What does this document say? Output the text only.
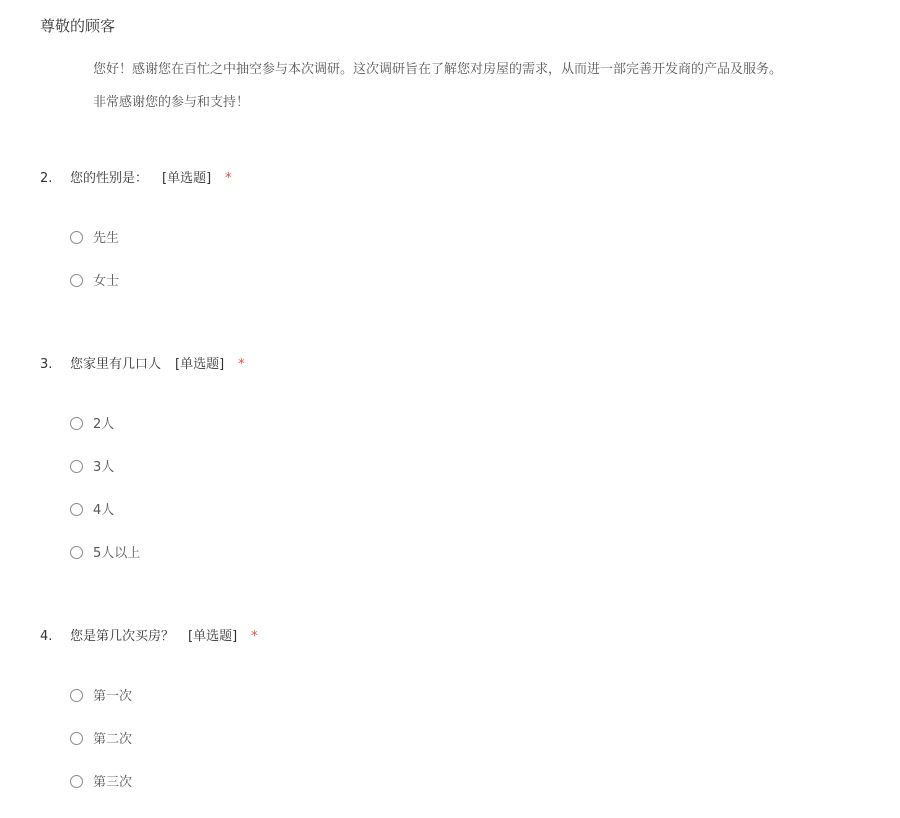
尊敬的顾客
您好！感谢您在百忙之中抽空参与本次调研。这次调研旨在了解您对房屋的需求，从而进一部完善开发商的产品及服务。
非常感谢您的参与和支持！
2. 您的性别是： [单选题] *
先生
女士
3. 您家里有几口人 [单选题] *
2人
3人
4人
5人以上
4. 您是第几次买房？ [单选题] *
第一次
第二次
第三次
